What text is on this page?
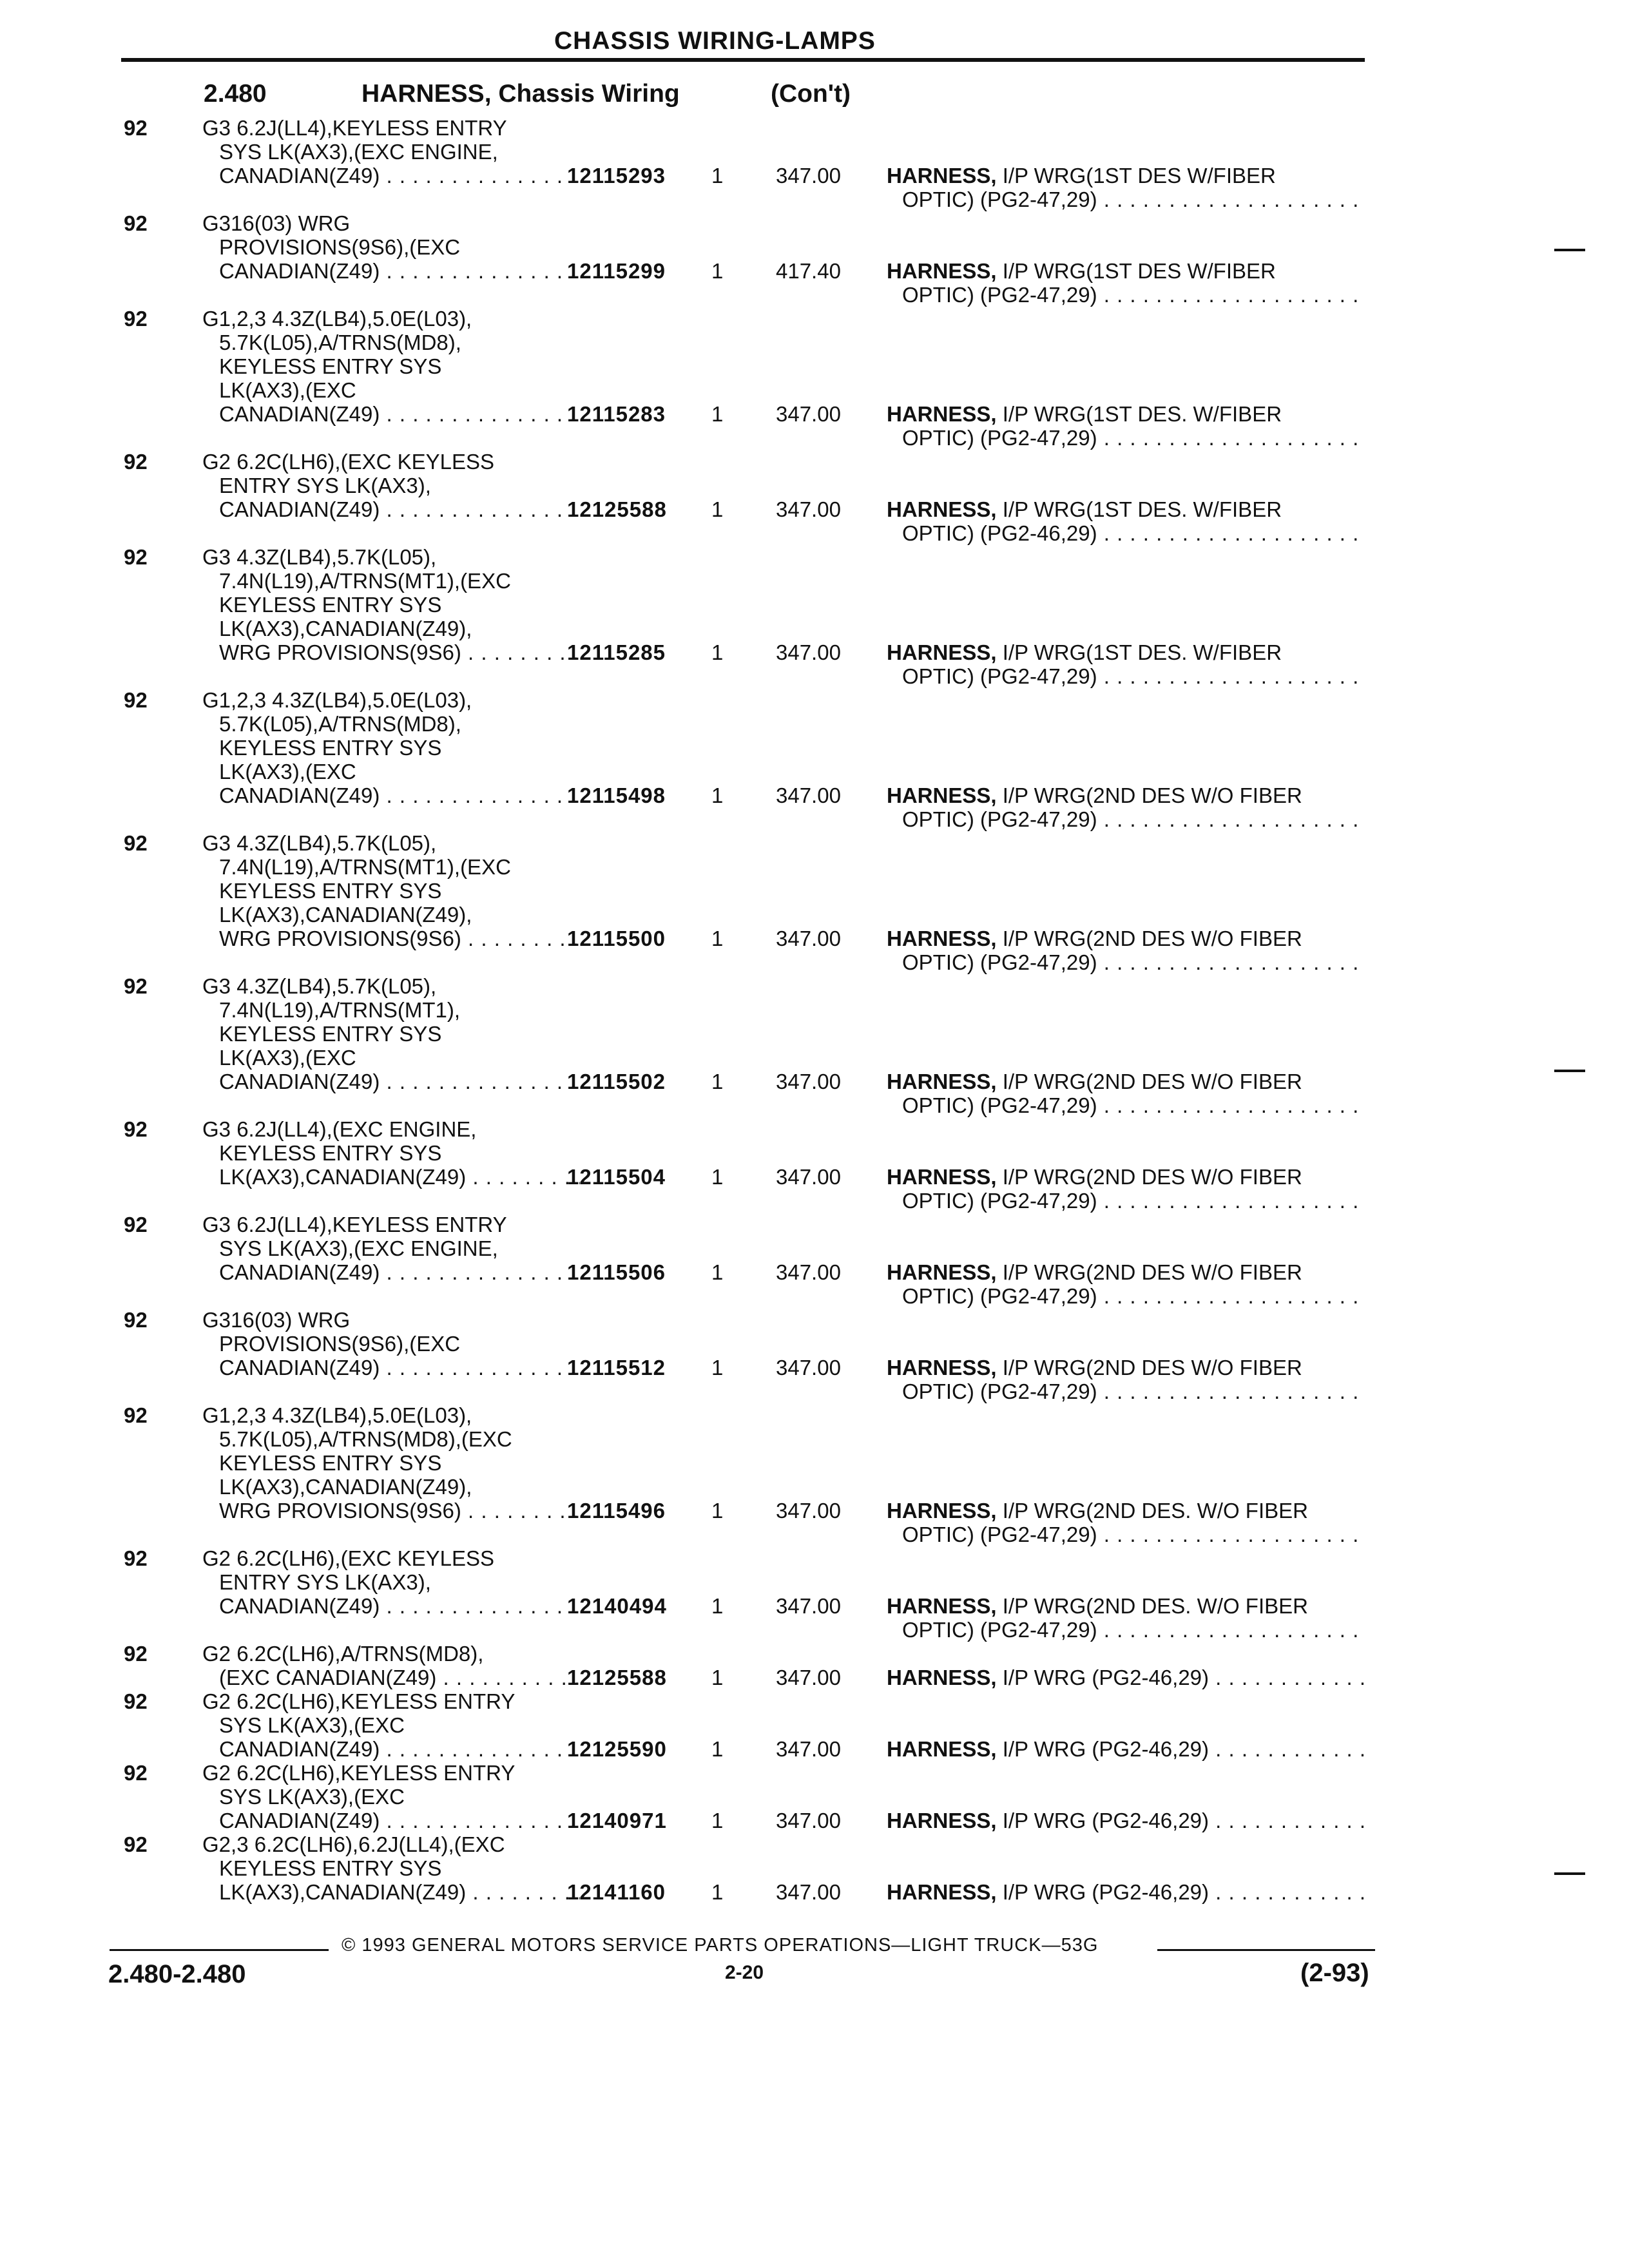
CHASSIS WIRING-LAMPS
2.480	HARNESS, Chassis Wiring	(Con't)
92	G3 6.2J(LL4),KEYLESS ENTRY
SYS LK(AX3),(EXC ENGINE,
CANADIAN(Z49) . . .	12115293 1 347.00 HARNESS, I/P WRG(1ST DES W/FIBER
OPTIC) (PG2-47,29) . . .
92	G316(03) WRG
PROVISIONS(9S6),(EXC
CANADIAN(Z49) . . .	12115299 1 417.40 HARNESS, I/P WRG(1ST DES W/FIBER
OPTIC) (PG2-47,29) . . .
92	G1,2,3 4.3Z(LB4),5.0E(L03),
5.7K(L05),A/TRNS(MD8),
KEYLESS ENTRY SYS
LK(AX3),(EXC
CANADIAN(Z49) . . .	12115283 1 347.00 HARNESS, I/P WRG(1ST DES. W/FIBER
OPTIC) (PG2-47,29) . . .
92	G2 6.2C(LH6),(EXC KEYLESS
ENTRY SYS LK(AX3),
CANADIAN(Z49) . . .	12125588 1 347.00 HARNESS, I/P WRG(1ST DES. W/FIBER
OPTIC) (PG2-46,29) . . .
92	G3 4.3Z(LB4),5.7K(L05),
7.4N(L19),A/TRNS(MT1),(EXC
KEYLESS ENTRY SYS
LK(AX3),CANADIAN(Z49),
WRG PROVISIONS(9S6) . . .	12115285 1 347.00 HARNESS, I/P WRG(1ST DES. W/FIBER
OPTIC) (PG2-47,29) . . .
92	G1,2,3 4.3Z(LB4),5.0E(L03),
5.7K(L05),A/TRNS(MD8),
KEYLESS ENTRY SYS
LK(AX3),(EXC
CANADIAN(Z49) . . .	12115498 1 347.00 HARNESS, I/P WRG(2ND DES W/O FIBER
OPTIC) (PG2-47,29) . . .
92	G3 4.3Z(LB4),5.7K(L05),
7.4N(L19),A/TRNS(MT1),(EXC
KEYLESS ENTRY SYS
LK(AX3),CANADIAN(Z49),
WRG PROVISIONS(9S6) . . .	12115500 1 347.00 HARNESS, I/P WRG(2ND DES W/O FIBER
OPTIC) (PG2-47,29) . . .
92	G3 4.3Z(LB4),5.7K(L05),
7.4N(L19),A/TRNS(MT1),
KEYLESS ENTRY SYS
LK(AX3),(EXC
CANADIAN(Z49) . . .	12115502 1 347.00 HARNESS, I/P WRG(2ND DES W/O FIBER
OPTIC) (PG2-47,29) . . .
92	G3 6.2J(LL4),(EXC ENGINE,
KEYLESS ENTRY SYS
LK(AX3),CANADIAN(Z49) . . .	12115504 1 347.00 HARNESS, I/P WRG(2ND DES W/O FIBER
OPTIC) (PG2-47,29) . . .
92	G3 6.2J(LL4),KEYLESS ENTRY
SYS LK(AX3),(EXC ENGINE,
CANADIAN(Z49) . . .	12115506 1 347.00 HARNESS, I/P WRG(2ND DES W/O FIBER
OPTIC) (PG2-47,29) . . .
92	G316(03) WRG
PROVISIONS(9S6),(EXC
CANADIAN(Z49) . . .	12115512 1 347.00 HARNESS, I/P WRG(2ND DES W/O FIBER
OPTIC) (PG2-47,29) . . .
92	G1,2,3 4.3Z(LB4),5.0E(L03),
5.7K(L05),A/TRNS(MD8),(EXC
KEYLESS ENTRY SYS
LK(AX3),CANADIAN(Z49),
WRG PROVISIONS(9S6) . . .	12115496 1 347.00 HARNESS, I/P WRG(2ND DES. W/O FIBER
OPTIC) (PG2-47,29) . . .
92	G2 6.2C(LH6),(EXC KEYLESS
ENTRY SYS LK(AX3),
CANADIAN(Z49) . . .	12140494 1 347.00 HARNESS, I/P WRG(2ND DES. W/O FIBER
OPTIC) (PG2-47,29) . . .
92	G2 6.2C(LH6),A/TRNS(MD8),
(EXC CANADIAN(Z49) . . .	12125588 1 347.00 HARNESS, I/P WRG (PG2-46,29) . . .
92	G2 6.2C(LH6),KEYLESS ENTRY
SYS LK(AX3),(EXC
CANADIAN(Z49) . . .	12125590 1 347.00 HARNESS, I/P WRG (PG2-46,29) . . .
92	G2 6.2C(LH6),KEYLESS ENTRY
SYS LK(AX3),(EXC
CANADIAN(Z49) . . .	12140971 1 347.00 HARNESS, I/P WRG (PG2-46,29) . . .
92	G2,3 6.2C(LH6),6.2J(LL4),(EXC
KEYLESS ENTRY SYS
LK(AX3),CANADIAN(Z49) . . .	12141160 1 347.00 HARNESS, I/P WRG (PG2-46,29) . . .
© 1993 GENERAL MOTORS SERVICE PARTS OPERATIONS—LIGHT TRUCK—53G
2.480-2.480	2-20	(2-93)
